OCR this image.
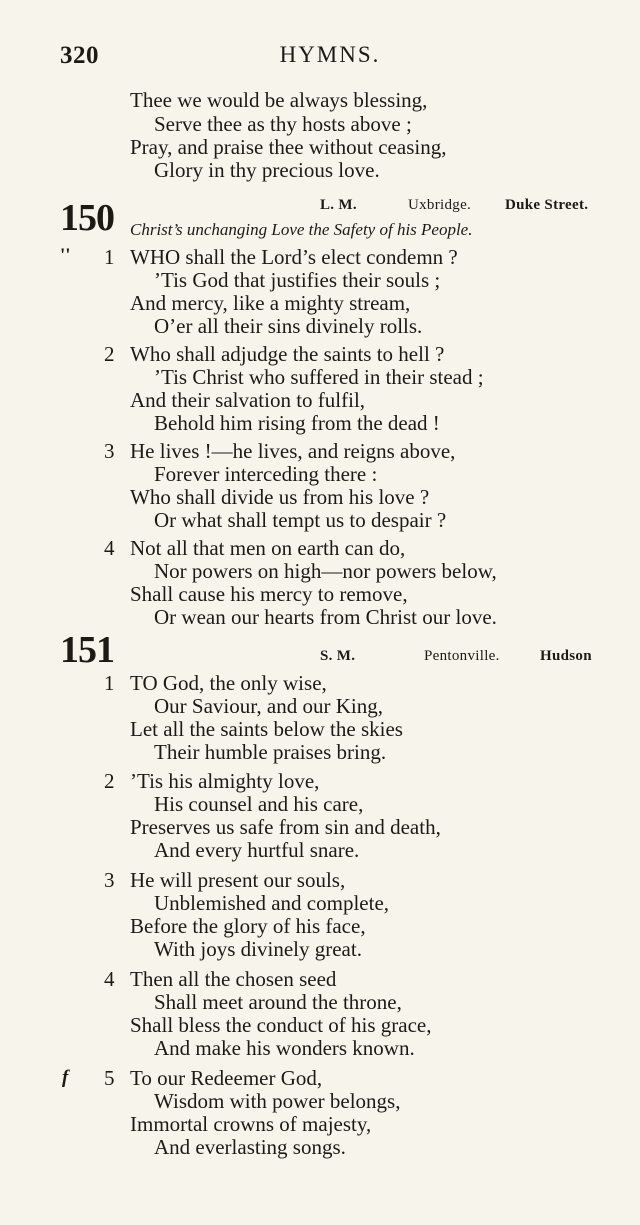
320	HYMNS.
Thee we would be always blessing,
Serve thee as thy hosts above ;
Pray, and praise thee without ceasing,
Glory in thy precious love.
150	L. M.	Uxbridge. Duke Street.
Christ’s unchanging Love the Safety of his People.
'' 1 WHO shall the Lord’s elect condemn ?
’Tis God that justifies their souls ;
And mercy, like a mighty stream,
O’er all their sins divinely rolls.
2 Who shall adjudge the saints to hell ?
’Tis Christ who suffered in their stead ;
And their salvation to fulfil,
Behold him rising from the dead !
3 He lives !—he lives, and reigns above,
Forever interceding there :
Who shall divide us from his love ?
Or what shall tempt us to despair ?
4 Not all that men on earth can do,
Nor powers on high—nor powers below,
Shall cause his mercy to remove,
Or wean our hearts from Christ our love.
151	S. M.	Pentonville.	Hudson
1 TO God, the only wise,
Our Saviour, and our King,
Let all the saints below the skies
Their humble praises bring.
2 ’Tis his almighty love,
His counsel and his care,
Preserves us safe from sin and death,
And every hurtful snare.
3 He will present our souls,
Unblemished and complete,
Before the glory of his face,
With joys divinely great.
4 Then all the chosen seed
Shall meet around the throne,
Shall bless the conduct of his grace,
And make his wonders known.
f 5 To our Redeemer God,
Wisdom with power belongs,
Immortal crowns of majesty,
And everlasting songs.
